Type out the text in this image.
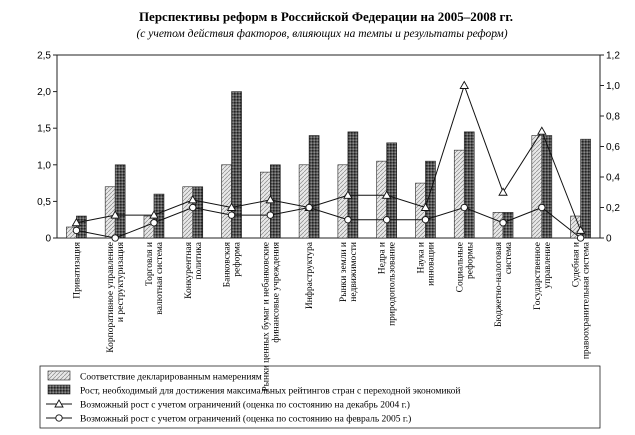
Перспективы реформ в Российской Федерации на 2005–2008 гг.
(с учетом действия факторов, влияющих на темпы и результаты реформ)
0
0,5
1,0
1,5
2,0
2,5
0
0,2
0,4
0,6
0,8
1,0
1,2
Приватизация	Корпоративное управлениеи реструктуризация Торговля ивалютная система Конкурентнаяполитика Банковскаяреформа Рынки ценных бумаг и небанковскиефинансовые учреждения	Инфраструктура	Рынки земли инедвижимости Недра иприродопользование Наука иинновации Социальныереформы Бюджетно-налоговаясистема Государственноеуправление Судебная иправоохранительная система
Соответствие декларированным намерениям
Рост, необходимый для достижения максимальных рейтингов стран с переходной экономикой
Возможный рост с учетом ограничений (оценка по состоянию на декабрь 2004 г.)
Возможный рост с учетом ограничений (оценка по состоянию на февраль 2005 г.)
